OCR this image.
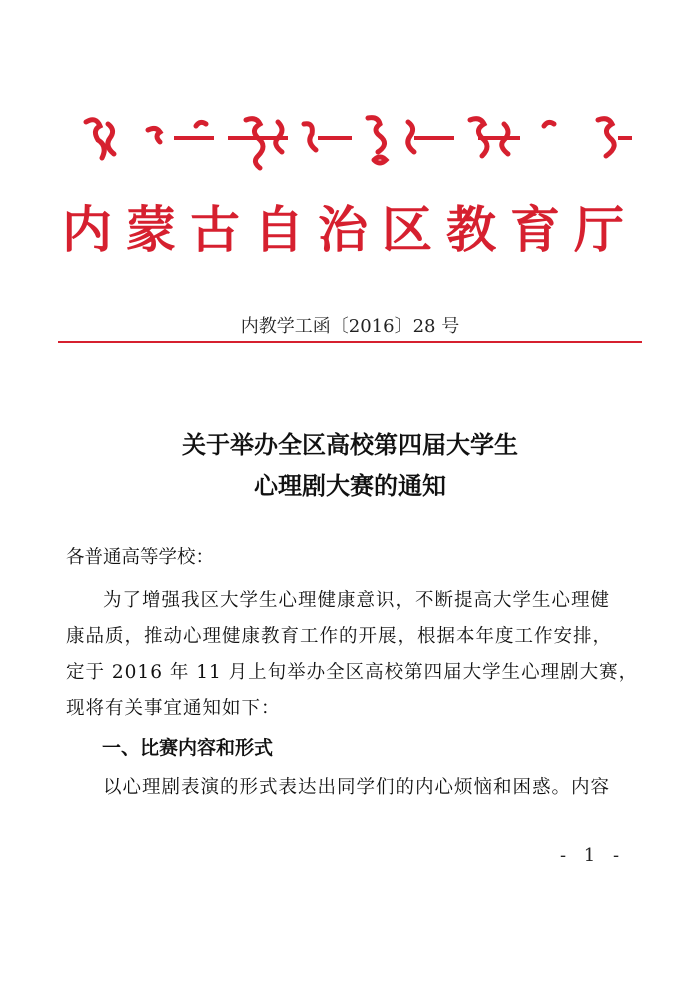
内蒙古自治区教育厅
内教学工函〔2016〕28 号
关于举办全区高校第四届大学生
心理剧大赛的通知
各普通高等学校：
为了增强我区大学生心理健康意识，不断提高大学生心理健
康品质，推动心理健康教育工作的开展，根据本年度工作安排，
定于 2016 年 11 月上旬举办全区高校第四届大学生心理剧大赛，
现将有关事宜通知如下：
一、比赛内容和形式
以心理剧表演的形式表达出同学们的内心烦恼和困惑。内容
- 1 -
